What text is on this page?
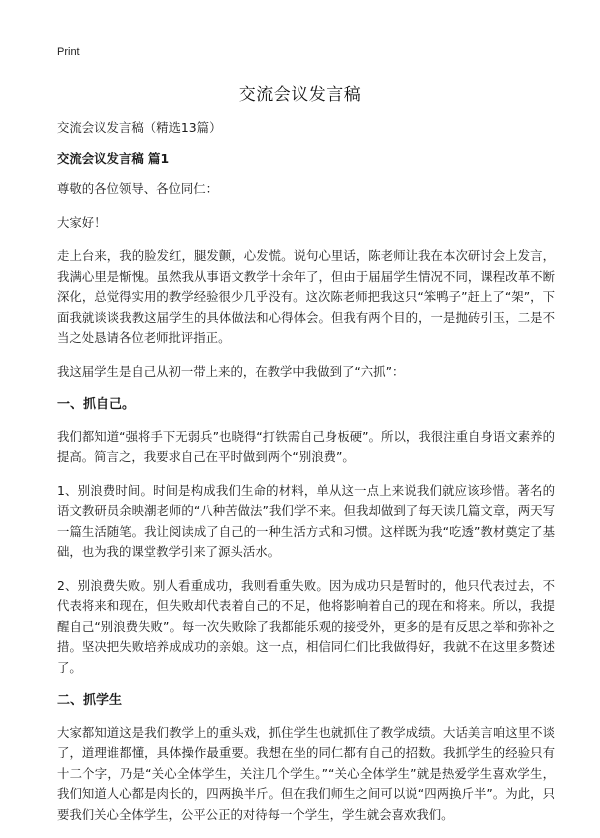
Print
交流会议发言稿

交流会议发言稿（精选13篇）

交流会议发言稿 篇1

尊敬的各位领导、各位同仁：

大家好！

走上台来，我的脸发红，腿发颤，心发慌。说句心里话，陈老师让我在本次研讨会上发言，我满心里是惭愧。虽然我从事语文教学十余年了，但由于届届学生情况不同，课程改革不断深化，总觉得实用的教学经验很少几乎没有。这次陈老师把我这只“笨鸭子”赶上了“架”，下面我就谈谈我教这届学生的具体做法和心得体会。但我有两个目的，一是抛砖引玉，二是不当之处恳请各位老师批评指正。

我这届学生是自己从初一带上来的，在教学中我做到了“六抓”：

一、抓自己。

我们都知道“强将手下无弱兵”也晓得“打铁需自己身板硬”。所以，我很注重自身语文素养的提高。简言之，我要求自己在平时做到两个“别浪费”。

1、别浪费时间。时间是构成我们生命的材料，单从这一点上来说我们就应该珍惜。著名的语文教研员余映潮老师的“八种苦做法”我们学不来。但我却做到了每天读几篇文章，两天写一篇生活随笔。我让阅读成了自己的一种生活方式和习惯。这样既为我“吃透”教材奠定了基础，也为我的课堂教学引来了源头活水。

2、别浪费失败。别人看重成功，我则看重失败。因为成功只是暂时的，他只代表过去，不代表将来和现在，但失败却代表着自己的不足，他将影响着自己的现在和将来。所以，我提醒自己“别浪费失败”。每一次失败除了我都能乐观的接受外，更多的是有反思之举和弥补之措。坚决把失败培养成成功的亲娘。这一点，相信同仁们比我做得好，我就不在这里多赘述了。

二、抓学生

大家都知道这是我们教学上的重头戏，抓住学生也就抓住了教学成绩。大话美言咱这里不谈了，道理谁都懂，具体操作最重要。我想在坐的同仁都有自己的招数。我抓学生的经验只有十二个字，乃是“关心全体学生，关注几个学生。”“关心全体学生”就是热爱学生喜欢学生，我们知道人心都是肉长的，四两换半斤。但在我们师生之间可以说“四两换斤半”。为此，只要我们关心全体学生，公平公正的对待每一个学生，学生就会喜欢我们。
